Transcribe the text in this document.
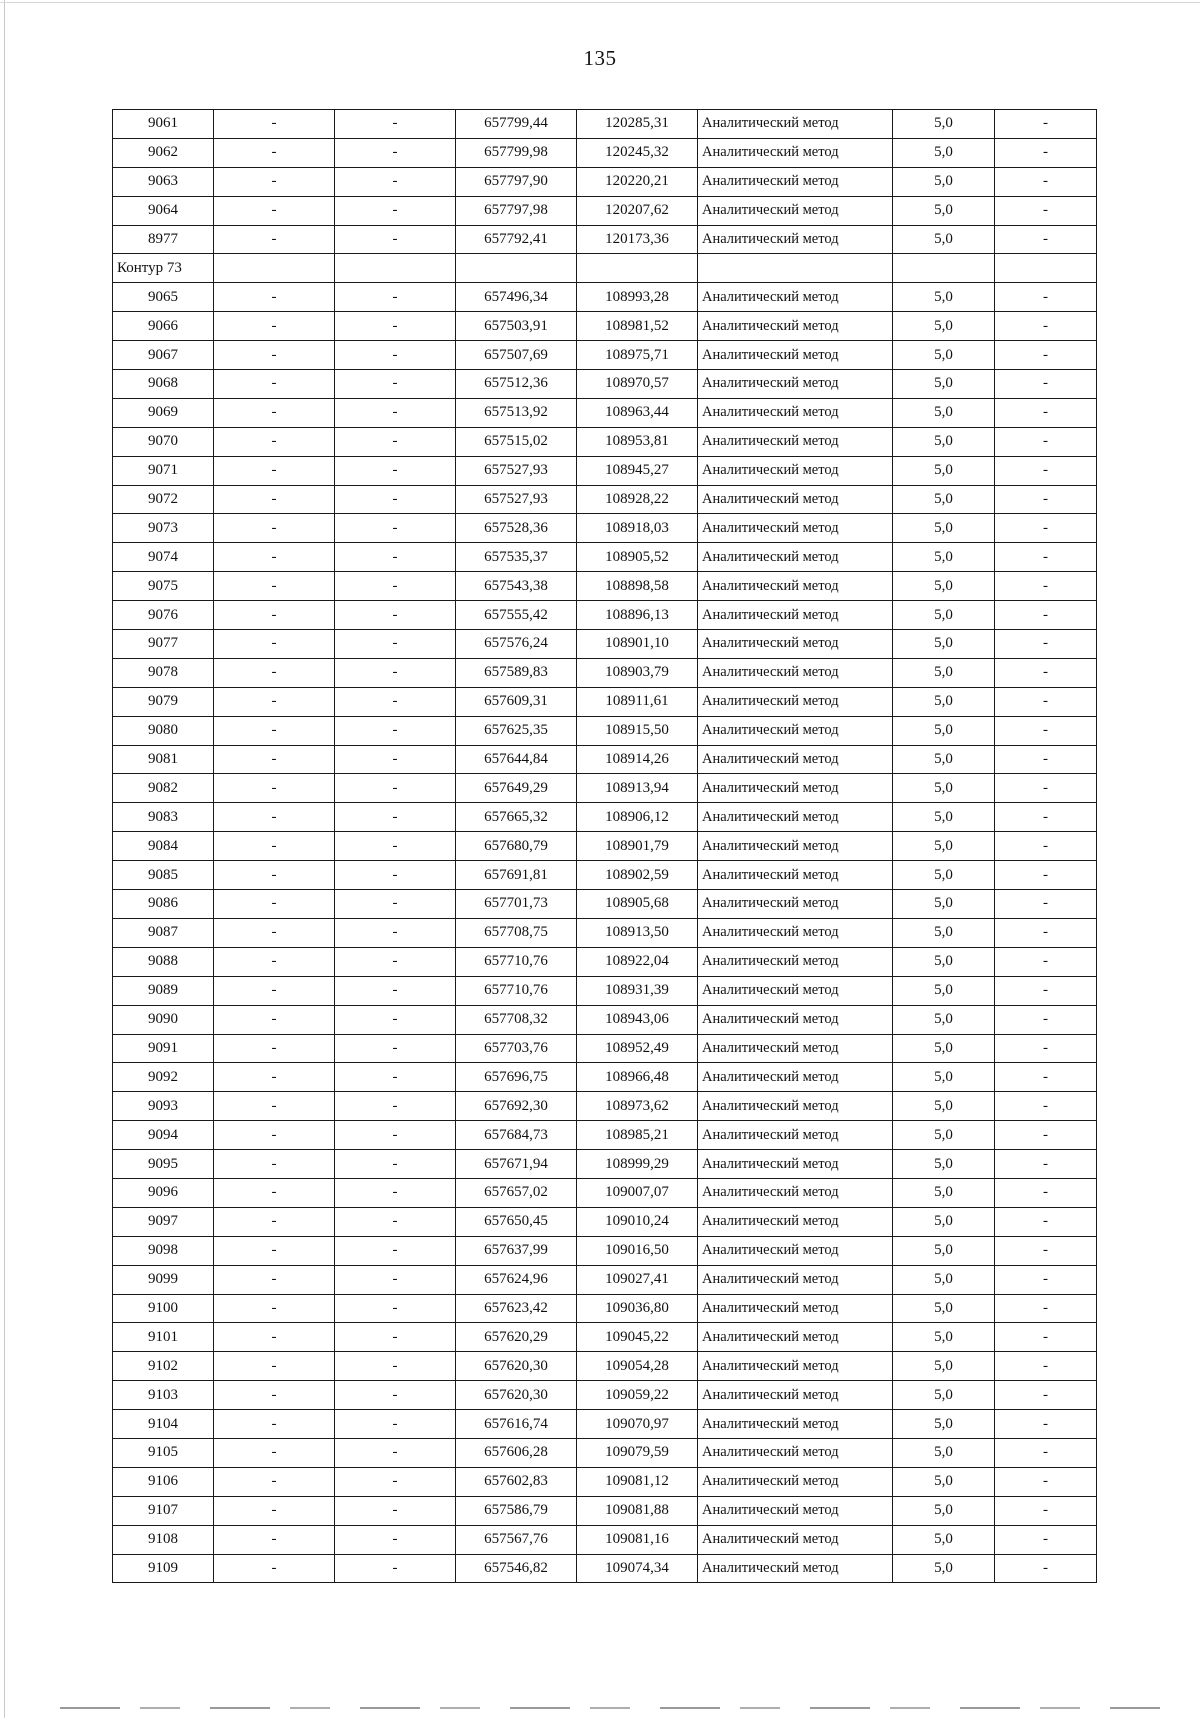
135
9061	-	-	657799,44	120285,31	Аналитический метод	5,0	-
9062	-	-	657799,98	120245,32	Аналитический метод	5,0	-
9063	-	-	657797,90	120220,21	Аналитический метод	5,0	-
9064	-	-	657797,98	120207,62	Аналитический метод	5,0	-
8977	-	-	657792,41	120173,36	Аналитический метод	5,0	-
Контур 73							
9065	-	-	657496,34	108993,28	Аналитический метод	5,0	-
9066	-	-	657503,91	108981,52	Аналитический метод	5,0	-
9067	-	-	657507,69	108975,71	Аналитический метод	5,0	-
9068	-	-	657512,36	108970,57	Аналитический метод	5,0	-
9069	-	-	657513,92	108963,44	Аналитический метод	5,0	-
9070	-	-	657515,02	108953,81	Аналитический метод	5,0	-
9071	-	-	657527,93	108945,27	Аналитический метод	5,0	-
9072	-	-	657527,93	108928,22	Аналитический метод	5,0	-
9073	-	-	657528,36	108918,03	Аналитический метод	5,0	-
9074	-	-	657535,37	108905,52	Аналитический метод	5,0	-
9075	-	-	657543,38	108898,58	Аналитический метод	5,0	-
9076	-	-	657555,42	108896,13	Аналитический метод	5,0	-
9077	-	-	657576,24	108901,10	Аналитический метод	5,0	-
9078	-	-	657589,83	108903,79	Аналитический метод	5,0	-
9079	-	-	657609,31	108911,61	Аналитический метод	5,0	-
9080	-	-	657625,35	108915,50	Аналитический метод	5,0	-
9081	-	-	657644,84	108914,26	Аналитический метод	5,0	-
9082	-	-	657649,29	108913,94	Аналитический метод	5,0	-
9083	-	-	657665,32	108906,12	Аналитический метод	5,0	-
9084	-	-	657680,79	108901,79	Аналитический метод	5,0	-
9085	-	-	657691,81	108902,59	Аналитический метод	5,0	-
9086	-	-	657701,73	108905,68	Аналитический метод	5,0	-
9087	-	-	657708,75	108913,50	Аналитический метод	5,0	-
9088	-	-	657710,76	108922,04	Аналитический метод	5,0	-
9089	-	-	657710,76	108931,39	Аналитический метод	5,0	-
9090	-	-	657708,32	108943,06	Аналитический метод	5,0	-
9091	-	-	657703,76	108952,49	Аналитический метод	5,0	-
9092	-	-	657696,75	108966,48	Аналитический метод	5,0	-
9093	-	-	657692,30	108973,62	Аналитический метод	5,0	-
9094	-	-	657684,73	108985,21	Аналитический метод	5,0	-
9095	-	-	657671,94	108999,29	Аналитический метод	5,0	-
9096	-	-	657657,02	109007,07	Аналитический метод	5,0	-
9097	-	-	657650,45	109010,24	Аналитический метод	5,0	-
9098	-	-	657637,99	109016,50	Аналитический метод	5,0	-
9099	-	-	657624,96	109027,41	Аналитический метод	5,0	-
9100	-	-	657623,42	109036,80	Аналитический метод	5,0	-
9101	-	-	657620,29	109045,22	Аналитический метод	5,0	-
9102	-	-	657620,30	109054,28	Аналитический метод	5,0	-
9103	-	-	657620,30	109059,22	Аналитический метод	5,0	-
9104	-	-	657616,74	109070,97	Аналитический метод	5,0	-
9105	-	-	657606,28	109079,59	Аналитический метод	5,0	-
9106	-	-	657602,83	109081,12	Аналитический метод	5,0	-
9107	-	-	657586,79	109081,88	Аналитический метод	5,0	-
9108	-	-	657567,76	109081,16	Аналитический метод	5,0	-
9109	-	-	657546,82	109074,34	Аналитический метод	5,0	-
